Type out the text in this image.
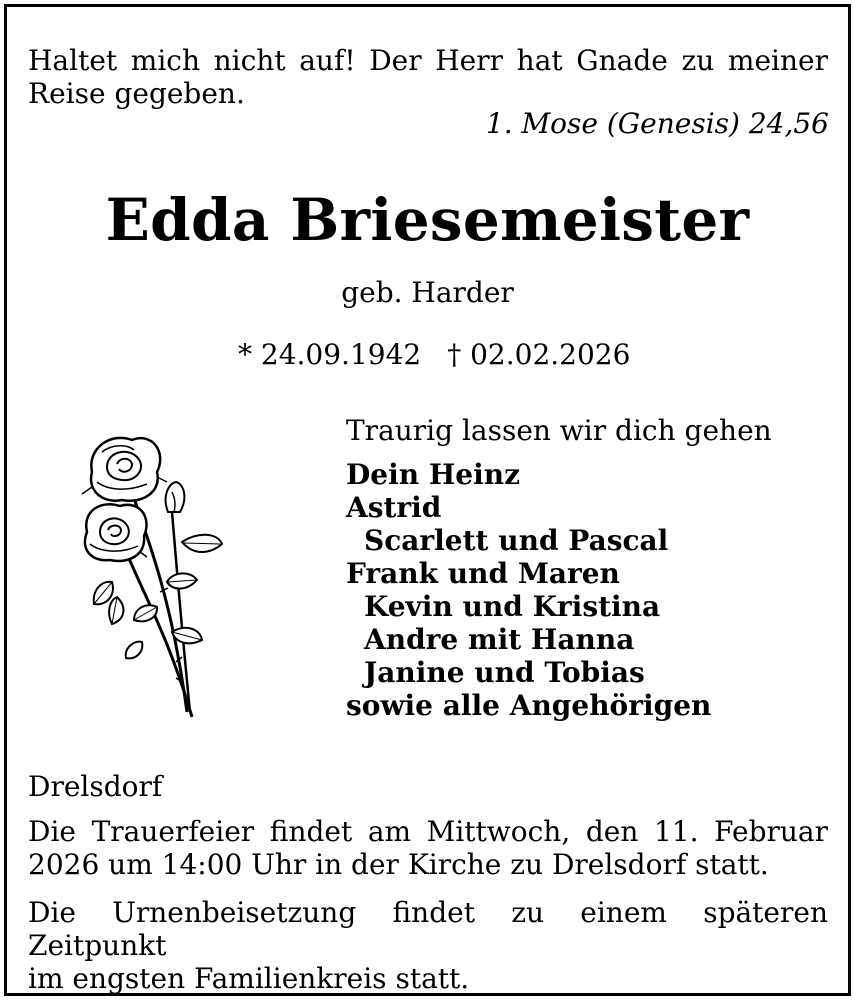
Haltet mich nicht auf! Der Herr hat Gnade zu meiner
Reise gegeben.
1. Mose (Genesis) 24,56
Edda Briesemeister
geb. Harder
* 24.09.1942 † 02.02.2026
Traurig lassen wir dich gehen
Dein Heinz
Astrid
Scarlett und Pascal
Frank und Maren
Kevin und Kristina
Andre mit Hanna
Janine und Tobias
sowie alle Angehörigen
Drelsdorf
Die Trauerfeier findet am Mittwoch, den 11. Februar
2026 um 14:00 Uhr in der Kirche zu Drelsdorf statt.
Die Urnenbeisetzung findet zu einem späteren Zeitpunkt
im engsten Familienkreis statt.
